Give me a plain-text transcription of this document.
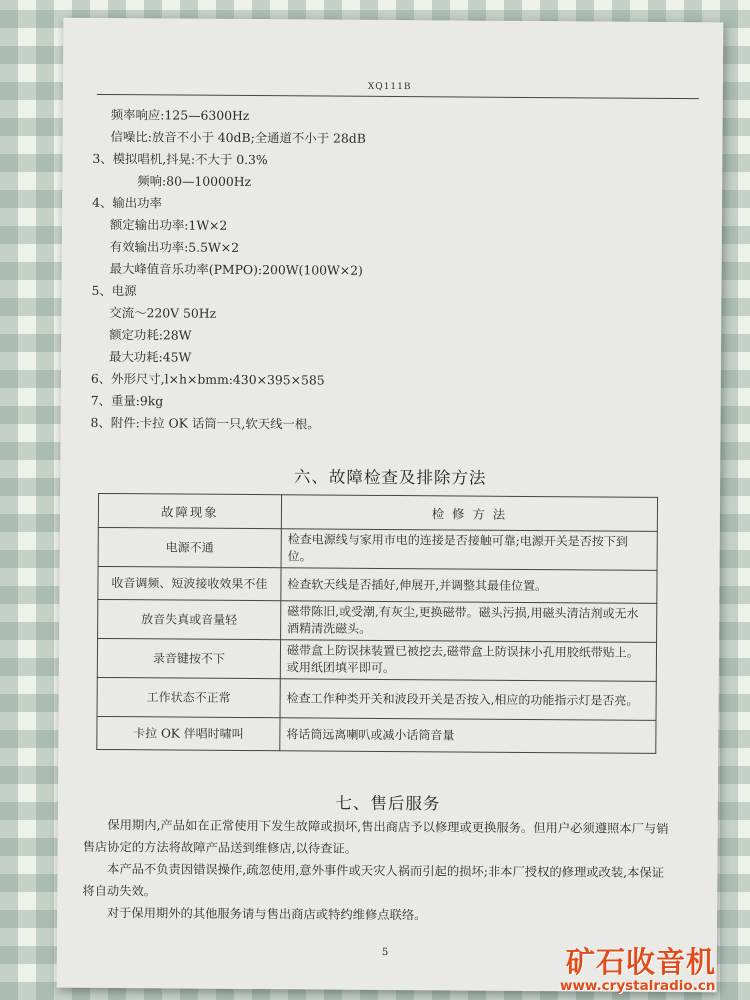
XQ111B
频率响应:125—6300Hz
信噪比:放音不小于 40dB;全通道不小于 28dB
3、模拟唱机,抖晃:不大于 0.3%
频响:80—10000Hz
4、输出功率
额定输出功率:1W×2
有效输出功率:5.5W×2
最大峰值音乐功率(PMPO):200W(100W×2)
5、电源
交流～220V 50Hz
额定功耗:28W
最大功耗:45W
6、外形尺寸,l×h×bmm:430×395×585
7、重量:9kg
8、附件:卡拉 OK 话筒一只,软天线一根。
六、故障检查及排除方法
故障现象	检 修 方 法
电源不通	检查电源线与家用市电的连接是否接触可靠;电源开关是否按下到位。
收音调频、短波接收效果不佳	检查软天线是否插好,伸展开,并调整其最佳位置。
放音失真或音量轻	磁带陈旧,或受潮,有灰尘,更换磁带。磁头污损,用磁头清洁剂或无水酒精清洗磁头。
录音键按不下	磁带盒上防误抹装置已被挖去,磁带盒上防误抹小孔用胶纸带贴上。或用纸团填平即可。
工作状态不正常	检查工作种类开关和波段开关是否按入,相应的功能指示灯是否亮。
卡拉 OK 伴唱时啸叫	将话筒远离喇叭或减小话筒音量
七、售后服务

保用期内,产品如在正常使用下发生故障或损坏,售出商店予以修理或更换服务。但用户必须遵照本厂与销售店协定的方法将故障产品送到维修店,以待查证。

本产品不负责因错误操作,疏忽使用,意外事件或天灾人祸而引起的损坏;非本厂授权的修理或改装,本保证将自动失效。

对于保用期外的其他服务请与售出商店或特约维修点联络。

5	矿石收音机
www.crystalradio.cn
